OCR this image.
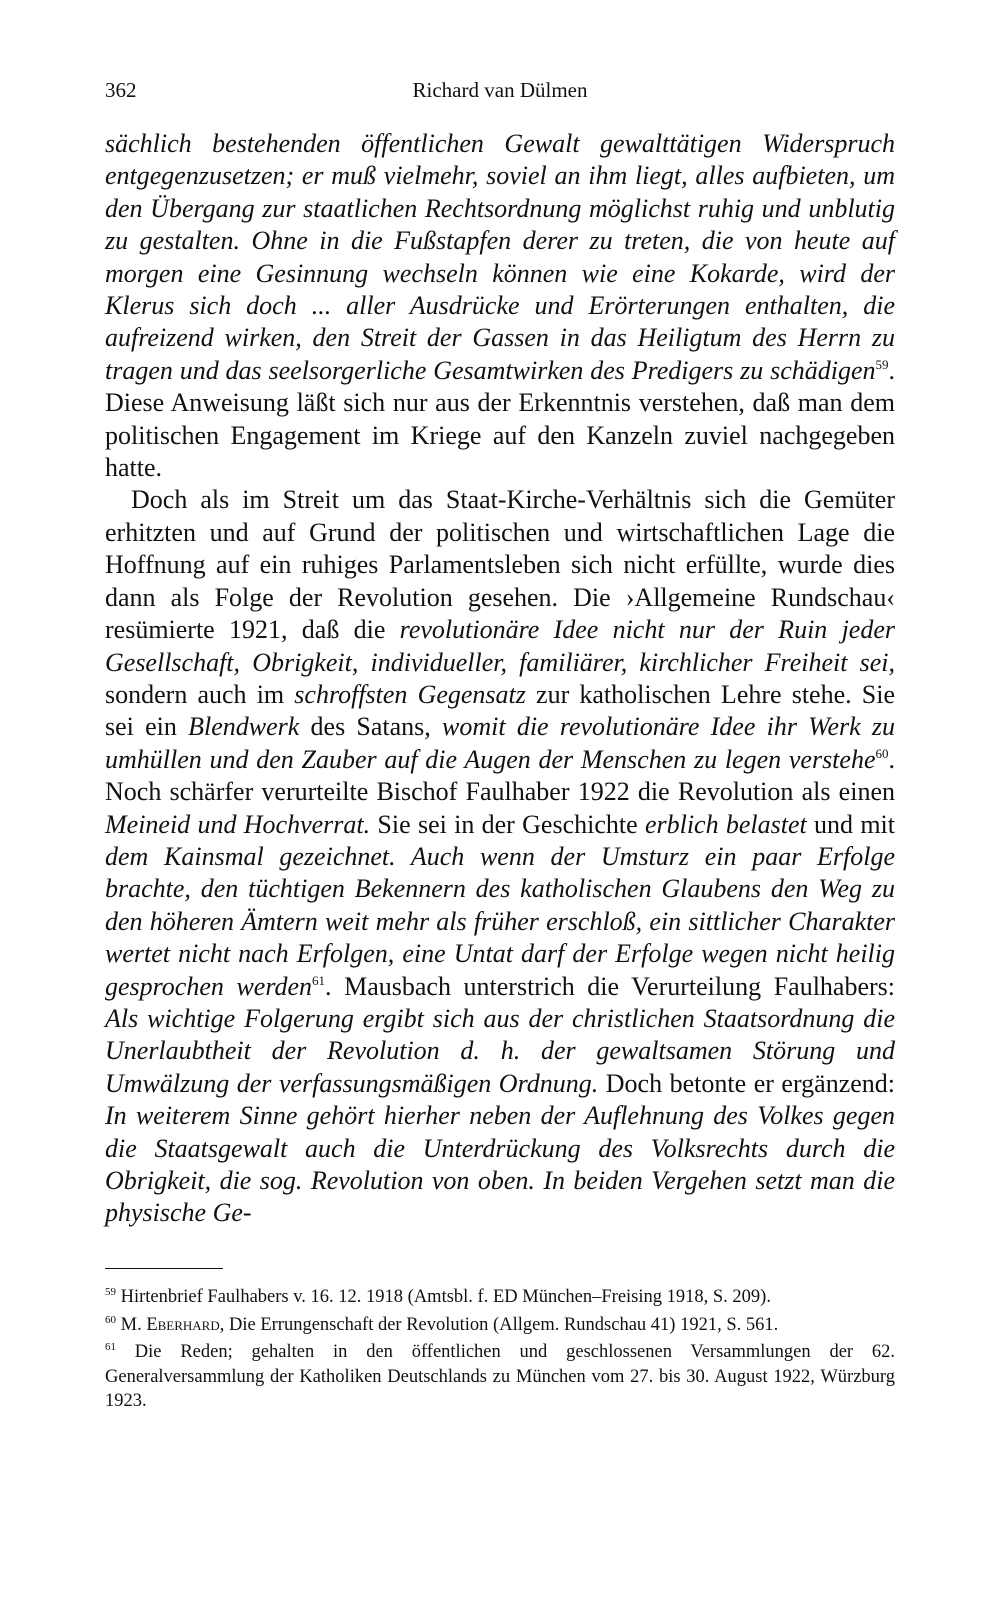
362	Richard van Dülmen

sächlich bestehenden öffentlichen Gewalt gewalttätigen Widerspruch entgegenzusetzen; er muß vielmehr, soviel an ihm liegt, alles aufbieten, um den Übergang zur staatlichen Rechtsordnung möglichst ruhig und unblutig zu gestalten. Ohne in die Fußstapfen derer zu treten, die von heute auf morgen eine Gesinnung wechseln können wie eine Kokarde, wird der Klerus sich doch ... aller Ausdrücke und Erörterungen enthalten, die aufreizend wirken, den Streit der Gassen in das Heiligtum des Herrn zu tragen und das seelsorgerliche Gesamtwirken des Predigers zu schädigen$^{59}$. Diese Anweisung läßt sich nur aus der Erkenntnis verstehen, daß man dem politischen Engagement im Kriege auf den Kanzeln zuviel nachgegeben hatte.

Doch als im Streit um das Staat-Kirche-Verhältnis sich die Gemüter erhitzten und auf Grund der politischen und wirtschaftlichen Lage die Hoffnung auf ein ruhiges Parlamentsleben sich nicht erfüllte, wurde dies dann als Folge der Revolution gesehen. Die ›Allgemeine Rundschau‹ resümierte 1921, daß die revolutionäre Idee nicht nur der Ruin jeder Gesellschaft, Obrigkeit, individueller, familiärer, kirchlicher Freiheit sei, sondern auch im schroffsten Gegensatz zur katholischen Lehre stehe. Sie sei ein Blendwerk des Satans, womit die revolutionäre Idee ihr Werk zu umhüllen und den Zauber auf die Augen der Menschen zu legen verstehe$^{60}$. Noch schärfer verurteilte Bischof Faulhaber 1922 die Revolution als einen Meineid und Hochverrat. Sie sei in der Geschichte erblich belastet und mit dem Kainsmal gezeichnet. Auch wenn der Umsturz ein paar Erfolge brachte, den tüchtigen Bekennern des katholischen Glaubens den Weg zu den höheren Ämtern weit mehr als früher erschloß, ein sittlicher Charakter wertet nicht nach Erfolgen, eine Untat darf der Erfolge wegen nicht heilig gesprochen werden$^{61}$. Mausbach unterstrich die Verurteilung Faulhabers: Als wichtige Folgerung ergibt sich aus der christlichen Staatsordnung die Unerlaubtheit der Revolution d. h. der gewaltsamen Störung und Umwälzung der verfassungsmäßigen Ordnung. Doch betonte er ergänzend: In weiterem Sinne gehört hierher neben der Auflehnung des Volkes gegen die Staatsgewalt auch die Unterdrückung des Volksrechts durch die Obrigkeit, die sog. Revolution von oben. In beiden Vergehen setzt man die physische Ge-

$^{59}$ Hirtenbrief Faulhabers v. 16. 12. 1918 (Amtsbl. f. ED München–Freising 1918, S. 209).

$^{60}$ M. Eberhard, Die Errungenschaft der Revolution (Allgem. Rundschau 41) 1921, S. 561.

$^{61}$ Die Reden; gehalten in den öffentlichen und geschlossenen Versammlungen der 62. Generalversammlung der Katholiken Deutschlands zu München vom 27. bis 30. August 1922, Würzburg 1923.
